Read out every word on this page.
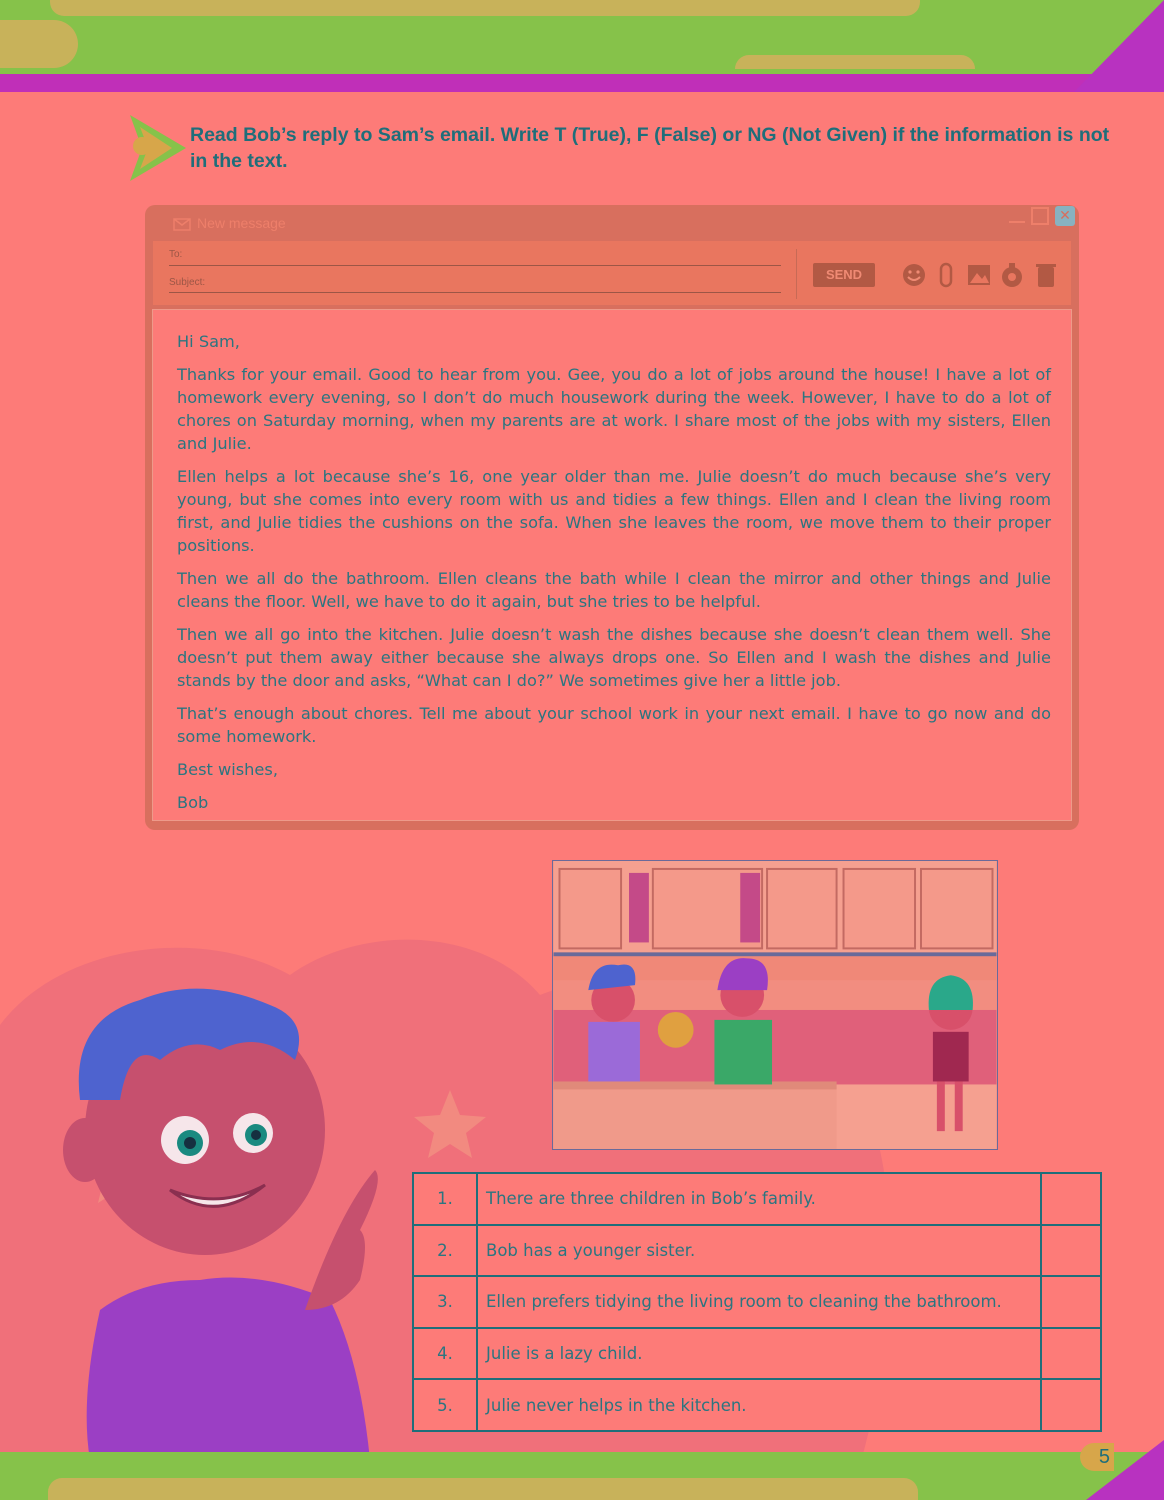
Read Bob’s reply to Sam’s email. Write T (True), F (False) or NG (Not Given) if the information is not in the text.
New message	✕
To:
Subject:
SEND

Hi Sam,

Thanks for your email. Good to hear from you. Gee, you do a lot of jobs around the house! I have a lot of homework every evening, so I don’t do much housework during the week. However, I have to do a lot of chores on Saturday morning, when my parents are at work. I share most of the jobs with my sisters, Ellen and Julie.

Ellen helps a lot because she’s 16, one year older than me. Julie doesn’t do much because she’s very young, but she comes into every room with us and tidies a few things. Ellen and I clean the living room first, and Julie tidies the cushions on the sofa. When she leaves the room, we move them to their proper positions.

Then we all do the bathroom. Ellen cleans the bath while I clean the mirror and other things and Julie cleans the floor. Well, we have to do it again, but she tries to be helpful.

Then we all go into the kitchen. Julie doesn’t wash the dishes because she doesn’t clean them well. She doesn’t put them away either because she always drops one. So Ellen and I wash the dishes and Julie stands by the door and asks, “What can I do?” We sometimes give her a little job.

That’s enough about chores. Tell me about your school work in your next email. I have to go now and do some homework.

Best wishes,

Bob

1.	There are three children in Bob’s family.	
2.	Bob has a younger sister.	
3.	Ellen prefers tidying the living room to cleaning the bathroom.	
4.	Julie is a lazy child.	
5.	Julie never helps in the kitchen.	
5
